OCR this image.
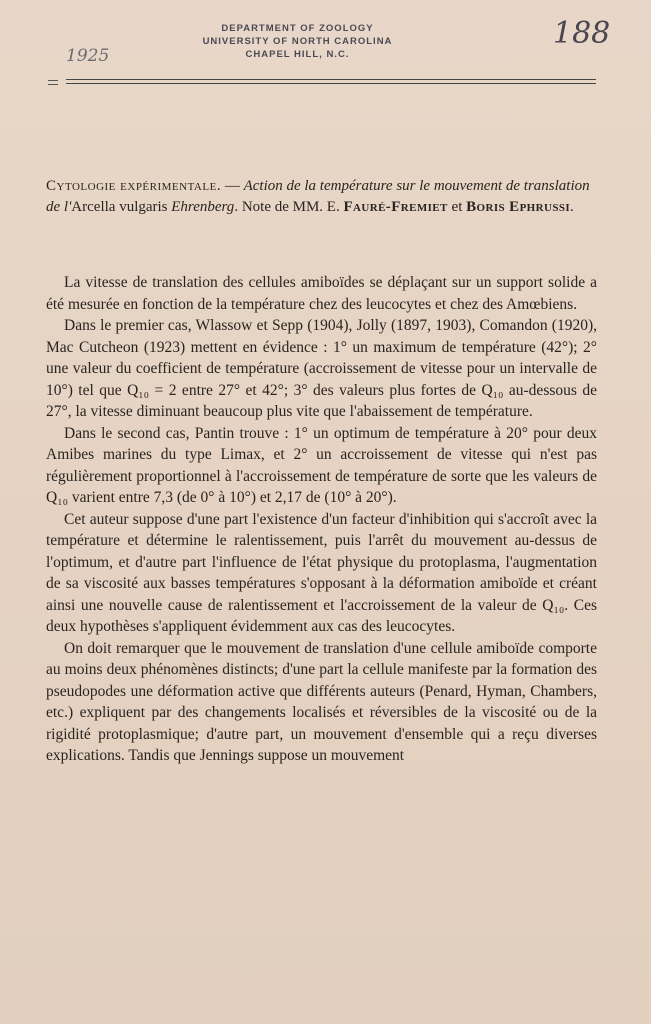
DEPARTMENT OF ZOOLOGY
UNIVERSITY OF NORTH CAROLINA
CHAPEL HILL, N.C.
1925
188
Cytologie expérimentale. — Action de la température sur le mouvement de translation de l'Arcella vulgaris Ehrenberg. Note de MM. E. Fauré-Fremiet et Boris Ephrussi.

La vitesse de translation des cellules amiboïdes se déplaçant sur un support solide a été mesurée en fonction de la température chez des leucocytes et chez des Amœbiens.

Dans le premier cas, Wlassow et Sepp (1904), Jolly (1897, 1903), Comandon (1920), Mac Cutcheon (1923) mettent en évidence : 1° un maximum de température (42°); 2° une valeur du coefficient de température (accroissement de vitesse pour un intervalle de 10°) tel que Q₁₀ = 2 entre 27° et 42°; 3° des valeurs plus fortes de Q₁₀ au-dessous de 27°, la vitesse diminuant beaucoup plus vite que l'abaissement de température.

Dans le second cas, Pantin trouve : 1° un optimum de température à 20° pour deux Amibes marines du type Limax, et 2° un accroissement de vitesse qui n'est pas régulièrement proportionnel à l'accroissement de température de sorte que les valeurs de Q₁₀ varient entre 7,3 (de 0° à 10°) et 2,17 de (10° à 20°).

Cet auteur suppose d'une part l'existence d'un facteur d'inhibition qui s'accroît avec la température et détermine le ralentissement, puis l'arrêt du mouvement au-dessus de l'optimum, et d'autre part l'influence de l'état physique du protoplasma, l'augmentation de sa viscosité aux basses températures s'opposant à la déformation amiboïde et créant ainsi une nouvelle cause de ralentissement et l'accroissement de la valeur de Q₁₀. Ces deux hypothèses s'appliquent évidemment aux cas des leucocytes.

On doit remarquer que le mouvement de translation d'une cellule amiboïde comporte au moins deux phénomènes distincts; d'une part la cellule manifeste par la formation des pseudopodes une déformation active que différents auteurs (Penard, Hyman, Chambers, etc.) expliquent par des changements localisés et réversibles de la viscosité ou de la rigidité protoplasmique; d'autre part, un mouvement d'ensemble qui a reçu diverses explications. Tandis que Jennings suppose un mouvement
